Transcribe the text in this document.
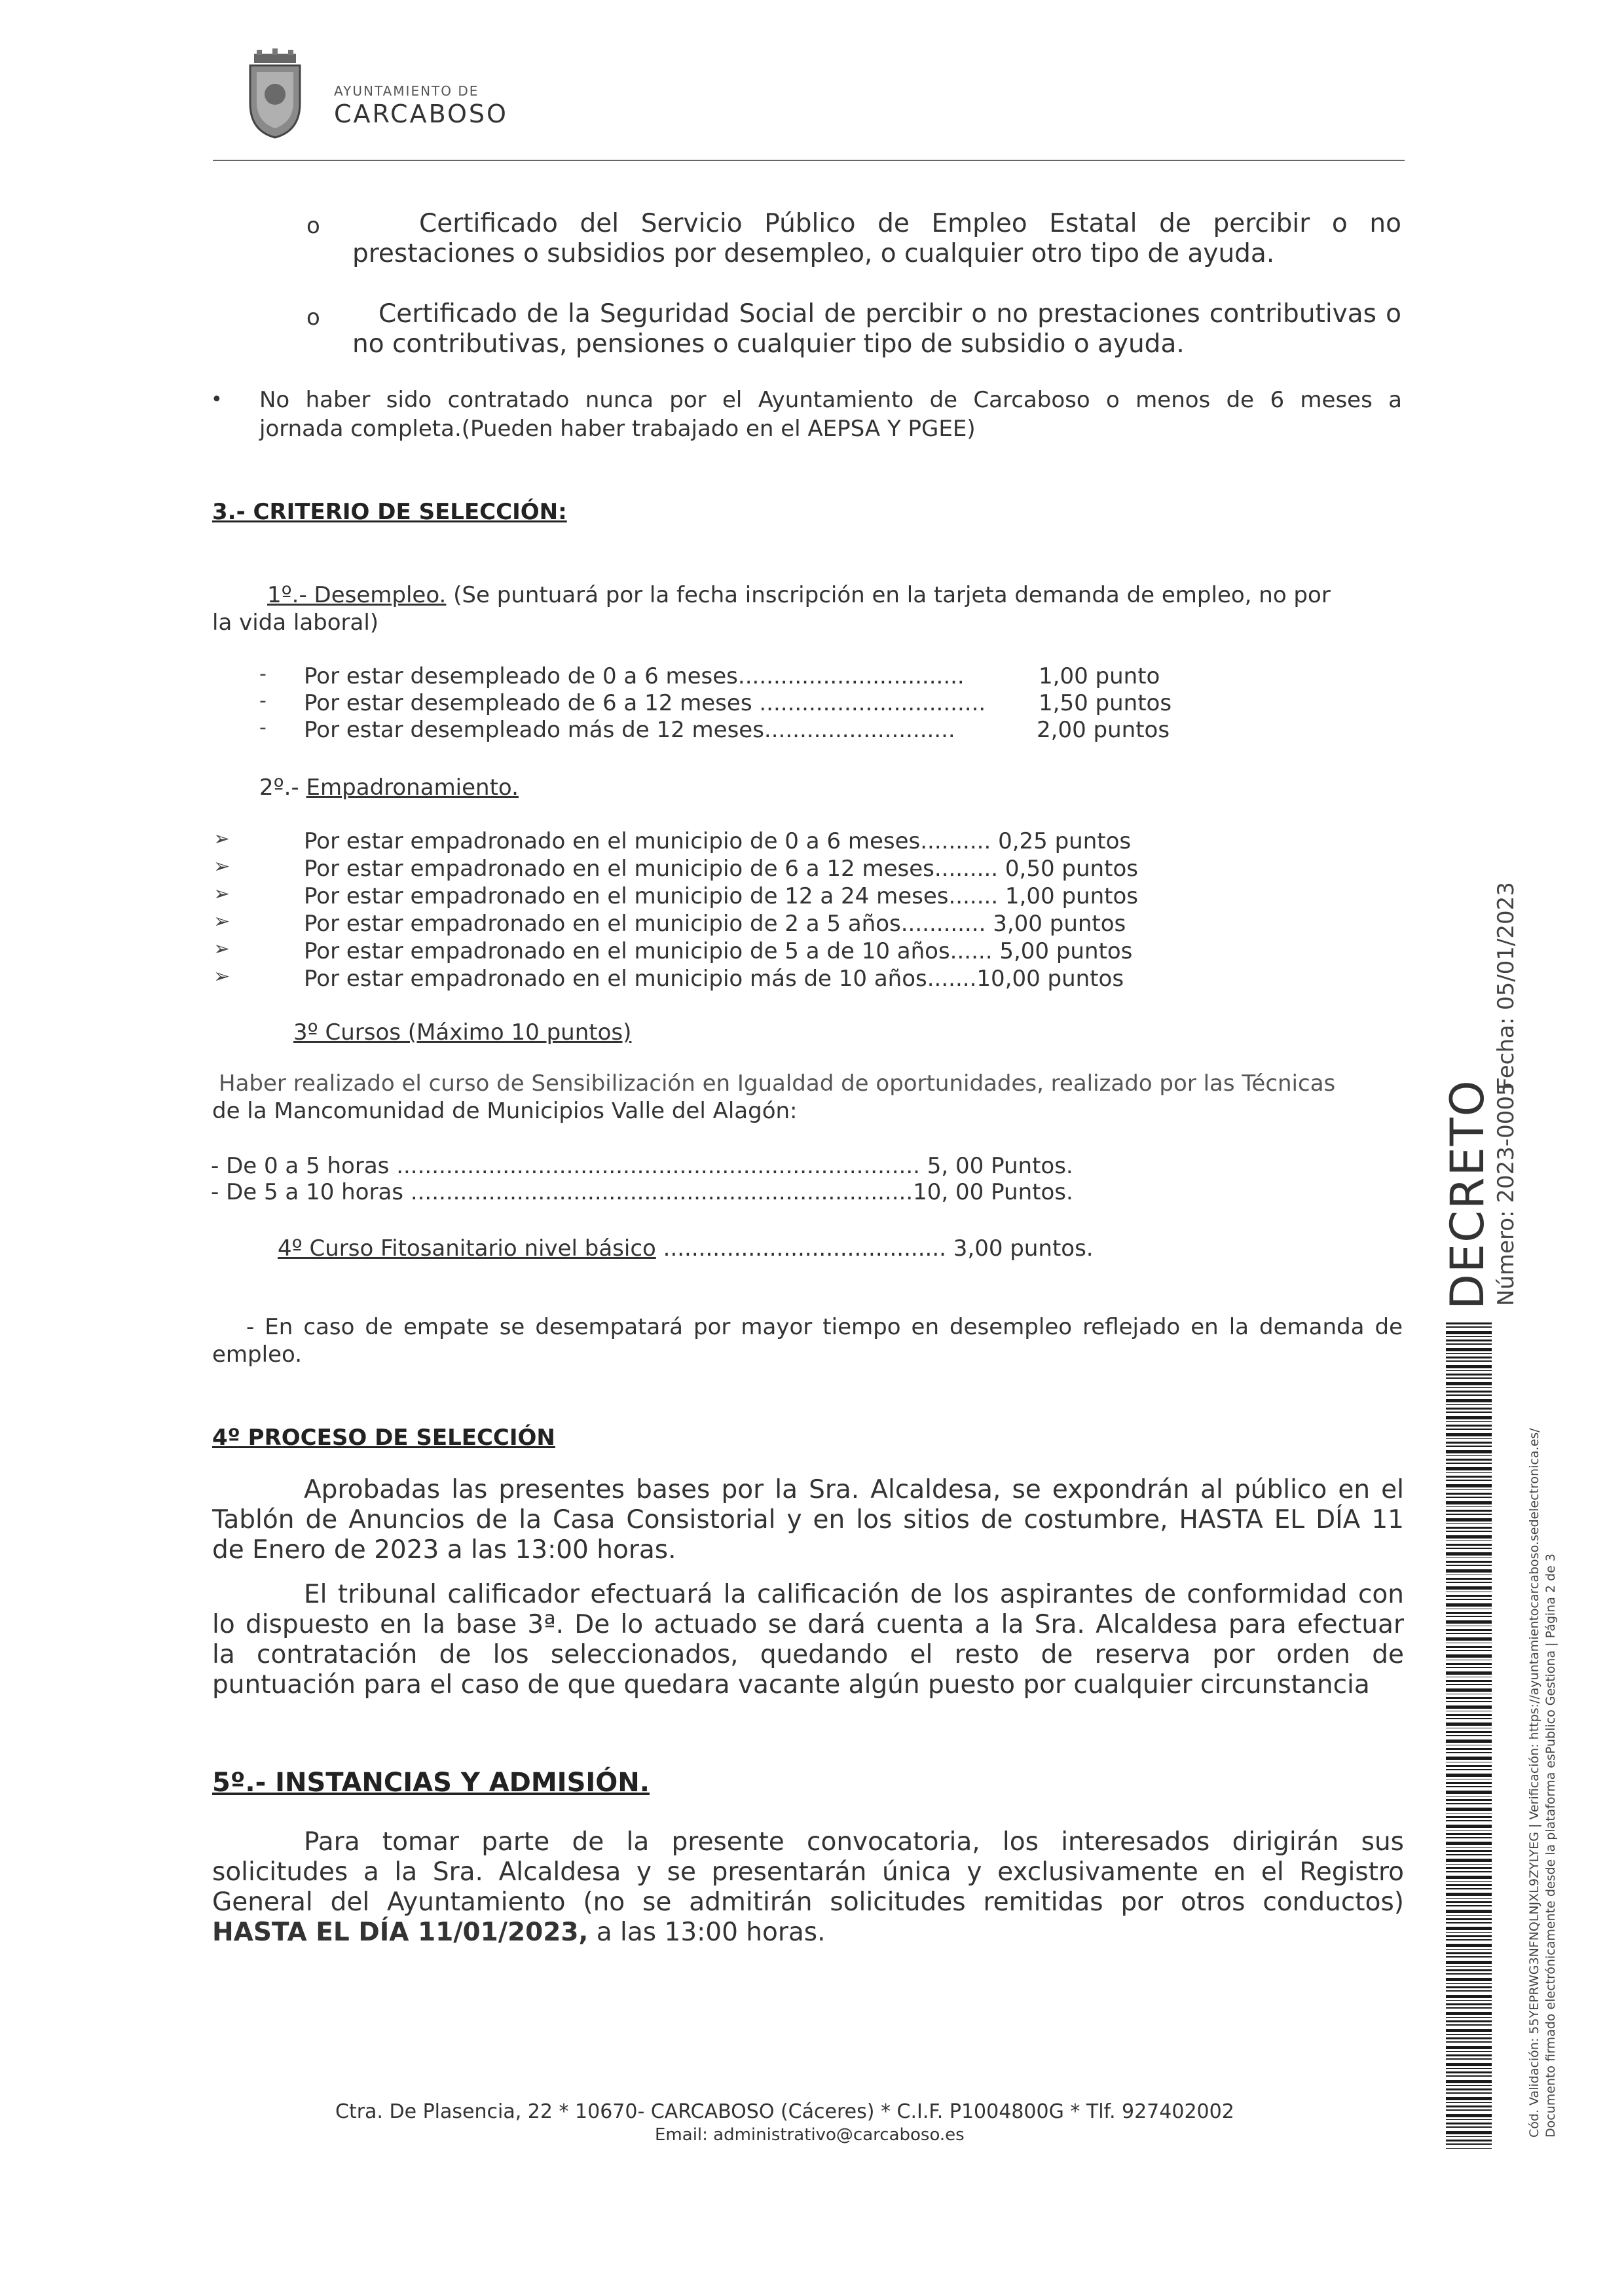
AYUNTAMIENTO DE
CARCABOSO
o	Certificado del Servicio Público de Empleo Estatal de percibir o no
prestaciones o subsidios por desempleo, o cualquier otro tipo de ayuda.
o Certificado de la Seguridad Social de percibir o no prestaciones contributivas o
no contributivas, pensiones o cualquier tipo de subsidio o ayuda.
• No haber sido contratado nunca por el Ayuntamiento de Carcaboso o menos de 6 meses a
jornada completa.(Pueden haber trabajado en el AEPSA Y PGEE)
3.- CRITERIO DE SELECCIÓN:
1º.- Desempleo. (Se puntuará por la fecha inscripción en la tarjeta demanda de empleo, no por
la vida laboral)
- Por estar desempleado de 0 a 6 meses................................	1,00 punto
- Por estar desempleado de 6 a 12 meses ................................ 1,50 puntos
- Por estar desempleado más de 12 meses...........................	2,00 puntos
2º.- Empadronamiento.
➢	Por estar empadronado en el municipio de 0 a 6 meses.......... 0,25 puntos
➢	Por estar empadronado en el municipio de 6 a 12 meses......... 0,50 puntos
➢	Por estar empadronado en el municipio de 12 a 24 meses....... 1,00 puntos
➢	Por estar empadronado en el municipio de 2 a 5 años............ 3,00 puntos
➢	Por estar empadronado en el municipio de 5 a de 10 años...... 5,00 puntos
➢	Por estar empadronado en el municipio más de 10 años.......10,00 puntos
3º Cursos (Máximo 10 puntos)
Haber realizado el curso de Sensibilización en Igualdad de oportunidades, realizado por las Técnicas
de la Mancomunidad de Municipios Valle del Alagón:
- De 0 a 5 horas .......................................................................... 5, 00 Puntos.
- De 5 a 10 horas .......................................................................10, 00 Puntos.
4º Curso Fitosanitario nivel básico ........................................ 3,00 puntos.
- En caso de empate se desempatará por mayor tiempo en desempleo reflejado en la demanda de
empleo.
4º PROCESO DE SELECCIÓN
Aprobadas las presentes bases por la Sra. Alcaldesa, se expondrán al público en el
Tablón de Anuncios de la Casa Consistorial y en los sitios de costumbre, HASTA EL DÍA 11
de Enero de 2023 a las 13:00 horas.
El tribunal calificador efectuará la calificación de los aspirantes de conformidad con
lo dispuesto en la base 3ª. De lo actuado se dará cuenta a la Sra. Alcaldesa para efectuar
la contratación de los seleccionados, quedando el resto de reserva por orden de
puntuación para el caso de que quedara vacante algún puesto por cualquier circunstancia
5º.- INSTANCIAS Y ADMISIÓN.
Para tomar parte de la presente convocatoria, los interesados dirigirán sus
solicitudes a la Sra. Alcaldesa y se presentarán única y exclusivamente en el Registro
General del Ayuntamiento (no se admitirán solicitudes remitidas por otros conductos)
HASTA EL DÍA 11/01/2023, a las 13:00 horas.
Ctra. De Plasencia, 22 * 10670- CARCABOSO (Cáceres) * C.I.F. P1004800G * Tlf. 927402002
Email: administrativo@carcaboso.es
DECRETO
Número: 2023-0005
Fecha: 05/01/2023
Cód. Validación: 55YEPRWG3NFNQLNJXL9ZYLYEG | Verificación: https://ayuntamientocarcaboso.sedelectronica.es/ Documento firmado electrónicamente desde la plataforma esPublico Gestiona | Página 2 de 3
